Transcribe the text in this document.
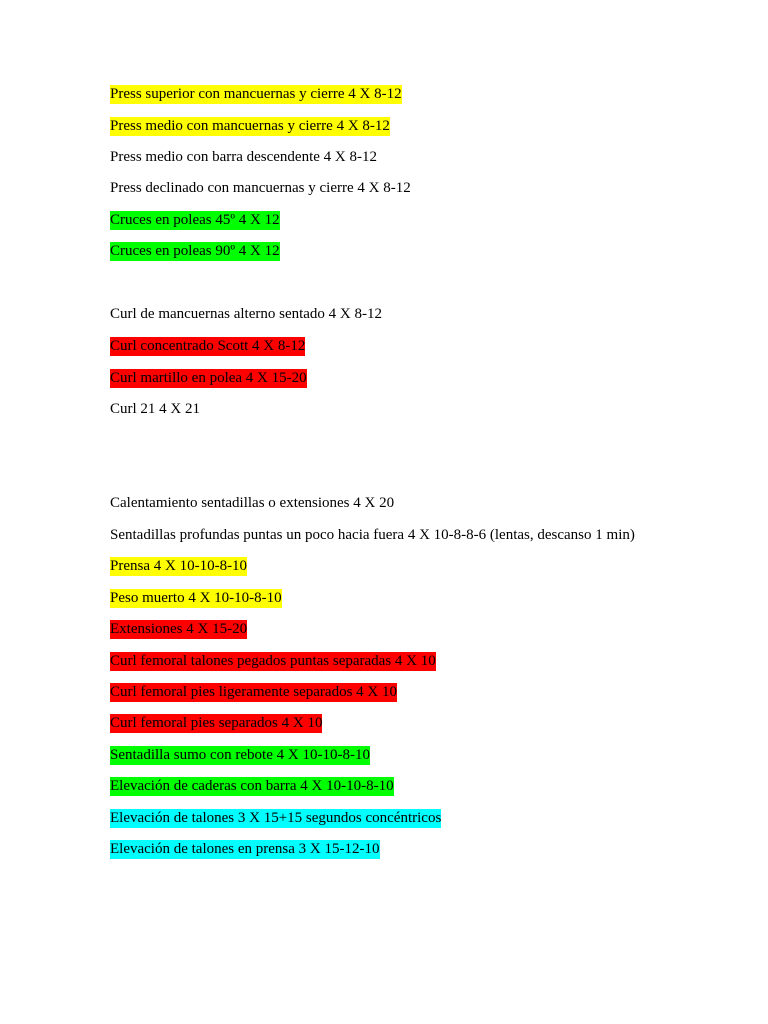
Press superior con mancuernas y cierre 4 X 8-12
Press medio con mancuernas y cierre 4 X 8-12
Press medio con barra descendente 4 X 8-12
Press declinado con mancuernas y cierre 4 X 8-12
Cruces en poleas 45º 4 X 12
Cruces en poleas 90º 4 X 12
Curl de mancuernas alterno sentado 4 X 8-12
Curl concentrado Scott 4 X 8-12
Curl martillo en polea 4 X 15-20
Curl 21 4 X 21
Calentamiento sentadillas o extensiones 4 X 20
Sentadillas profundas puntas un poco hacia fuera 4 X 10-8-8-6 (lentas, descanso 1 min)
Prensa 4 X 10-10-8-10
Peso muerto 4 X 10-10-8-10
Extensiones 4 X 15-20
Curl femoral talones pegados puntas separadas 4 X 10
Curl femoral pies ligeramente separados 4 X 10
Curl femoral pies separados 4 X 10
Sentadilla sumo con rebote 4 X 10-10-8-10
Elevación de caderas con barra 4 X 10-10-8-10
Elevación de talones 3 X 15+15 segundos concéntricos
Elevación de talones en prensa 3 X 15-12-10
